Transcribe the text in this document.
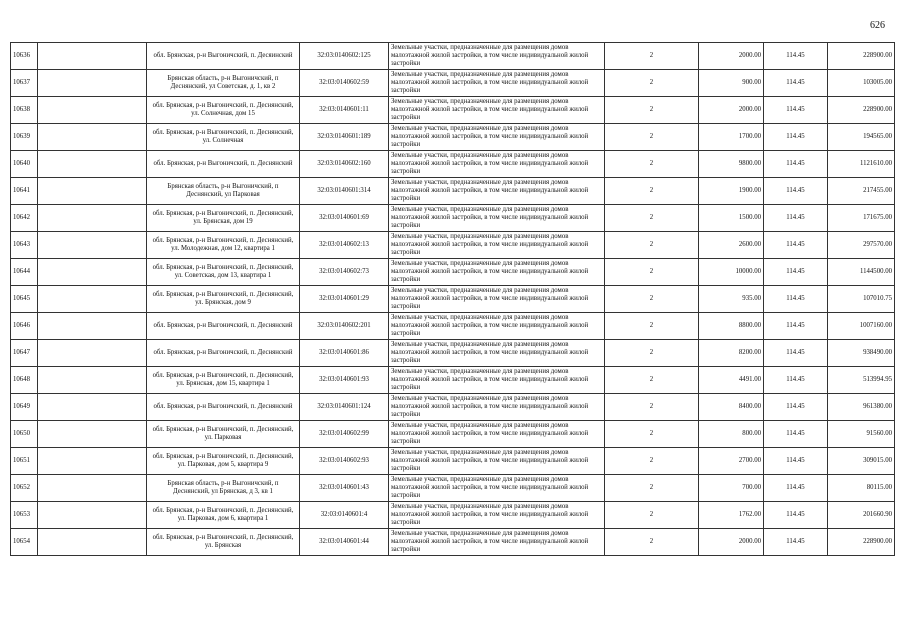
626
10636		обл. Брянская, р-н Выгоничский, п. Десяинский	32:03:0140602:125	Земельные участки, предназначенные для размещения домов малоэтажной жилой застройки, в том числе индивидуальной жилой застройки	2	2000.00	114.45	228900.00
10637		Брянская область, р-н Выгоничский, п Деснянский, ул Советская, д. 1, кв 2	32:03:0140602:59	Земельные участки, предназначенные для размещения домов малоэтажной жилой застройки, в том числе индивидуальной жилой застройки	2	900.00	114.45	103005.00
10638		обл. Брянская, р-н Выгоничский, п. Деснянский, ул. Солнечная, дом 15	32:03:0140601:11	Земельные участки, предназначенные для размещения домов малоэтажной жилой застройки, в том числе индивидуальной жилой застройки	2	2000.00	114.45	228900.00
10639		обл. Брянская, р-н Выгоничский, п. Деснянский, ул. Солнечная	32:03:0140601:189	Земельные участки, предназначенные для размещения домов малоэтажной жилой застройки, в том числе индивидуальной жилой застройки	2	1700.00	114.45	194565.00
10640		обл. Брянская, р-н Выгоничский, п. Деснянский	32:03:0140602:160	Земельные участки, предназначенные для размещения домов малоэтажной жилой застройки, в том числе индивидуальной жилой застройки	2	9800.00	114.45	1121610.00
10641		Брянская область, р-н Выгоничский, п Деснянский, ул Парковая	32:03:0140601:314	Земельные участки, предназначенные для размещения домов малоэтажной жилой застройки, в том числе индивидуальной жилой застройки	2	1900.00	114.45	217455.00
10642		обл. Брянская, р-н Выгоничский, п. Деснянский, ул. Брянская, дом 19	32:03:0140601:69	Земельные участки, предназначенные для размещения домов малоэтажной жилой застройки, в том числе индивидуальной жилой застройки	2	1500.00	114.45	171675.00
10643		обл. Брянская, р-н Выгоничский, п. Деснянский, ул. Молодежная, дом 12, квартира 1	32:03:0140602:13	Земельные участки, предназначенные для размещения домов малоэтажной жилой застройки, в том числе индивидуальной жилой застройки	2	2600.00	114.45	297570.00
10644		обл. Брянская, р-н Выгоничский, п. Деснянский, ул. Советская, дом 13, квартира 1	32:03:0140602:73	Земельные участки, предназначенные для размещения домов малоэтажной жилой застройки, в том числе индивидуальной жилой застройки	2	10000.00	114.45	1144500.00
10645		обл. Брянская, р-н Выгоничский, п. Деснянский, ул. Брянская, дом 9	32:03:0140601:29	Земельные участки, предназначенные для размещения домов малоэтажной жилой застройки, в том числе индивидуальной жилой застройки	2	935.00	114.45	107010.75
10646		обл. Брянская, р-н Выгоничский, п. Деснянский	32:03:0140602:201	Земельные участки, предназначенные для размещения домов малоэтажной жилой застройки, в том числе индивидуальной жилой застройки	2	8800.00	114.45	1007160.00
10647		обл. Брянская, р-н Выгоничский, п. Деснянский	32:03:0140601:86	Земельные участки, предназначенные для размещения домов малоэтажной жилой застройки, в том числе индивидуальной жилой застройки	2	8200.00	114.45	938490.00
10648		обл. Брянская, р-н Выгоничский, п. Деснянский, ул. Брянская, дом 15, квартира 1	32:03:0140601:93	Земельные участки, предназначенные для размещения домов малоэтажной жилой застройки, в том числе индивидуальной жилой застройки	2	4491.00	114.45	513994.95
10649		обл. Брянская, р-н Выгоничский, п. Деснянский	32:03:0140601:124	Земельные участки, предназначенные для размещения домов малоэтажной жилой застройки, в том числе индивидуальной жилой застройки	2	8400.00	114.45	961380.00
10650		обл. Брянская, р-н Выгоничский, п. Деснянский, ул. Парковая	32:03:0140602:99	Земельные участки, предназначенные для размещения домов малоэтажной жилой застройки, в том числе индивидуальной жилой застройки	2	800.00	114.45	91560.00
10651		обл. Брянская, р-н Выгоничский, п. Деснянский, ул. Парковая, дом 5, квартира 9	32:03:0140602:93	Земельные участки, предназначенные для размещения домов малоэтажной жилой застройки, в том числе индивидуальной жилой застройки	2	2700.00	114.45	309015.00
10652		Брянская область, р-н Выгоничский, п Деснянский, ул Брянская, д 3, кв 1	32:03:0140601:43	Земельные участки, предназначенные для размещения домов малоэтажной жилой застройки, в том числе индивидуальной жилой застройки	2	700.00	114.45	80115.00
10653		обл. Брянская, р-н Выгоничский, п. Деснянский, ул. Парковая, дом 6, квартира 1	32:03:0140601:4	Земельные участки, предназначенные для размещения домов малоэтажной жилой застройки, в том числе индивидуальной жилой застройки	2	1762.00	114.45	201660.90
10654		обл. Брянская, р-н Выгоничский, п. Деснянский, ул. Брянская	32:03:0140601:44	Земельные участки, предназначенные для размещения домов малоэтажной жилой застройки, в том числе индивидуальной жилой застройки	2	2000.00	114.45	228900.00
